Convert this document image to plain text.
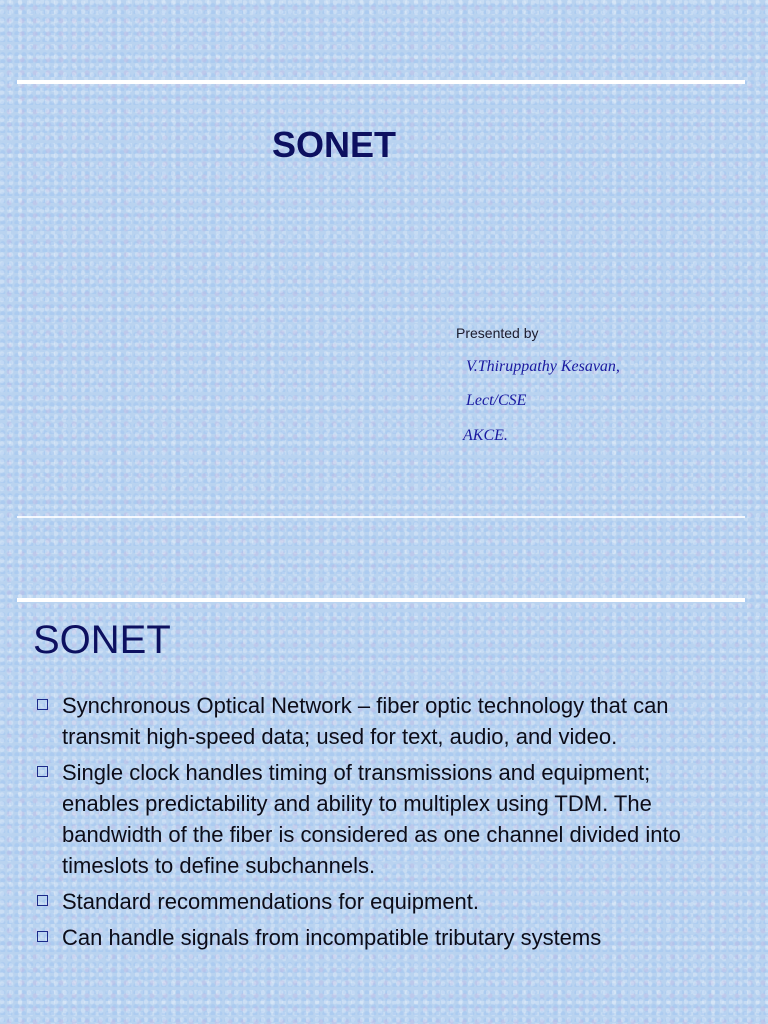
SONET
Presented by
V.Thiruppathy Kesavan,
Lect/CSE
AKCE.
SONET
Synchronous Optical Network – fiber optic technology that can transmit high-speed data; used for text, audio, and video.
Single clock handles timing of transmissions and equipment; enables predictability and ability to multiplex using TDM. The bandwidth of the fiber is considered as one channel divided into timeslots to define subchannels.
Standard recommendations for equipment.
Can handle signals from incompatible tributary systems
